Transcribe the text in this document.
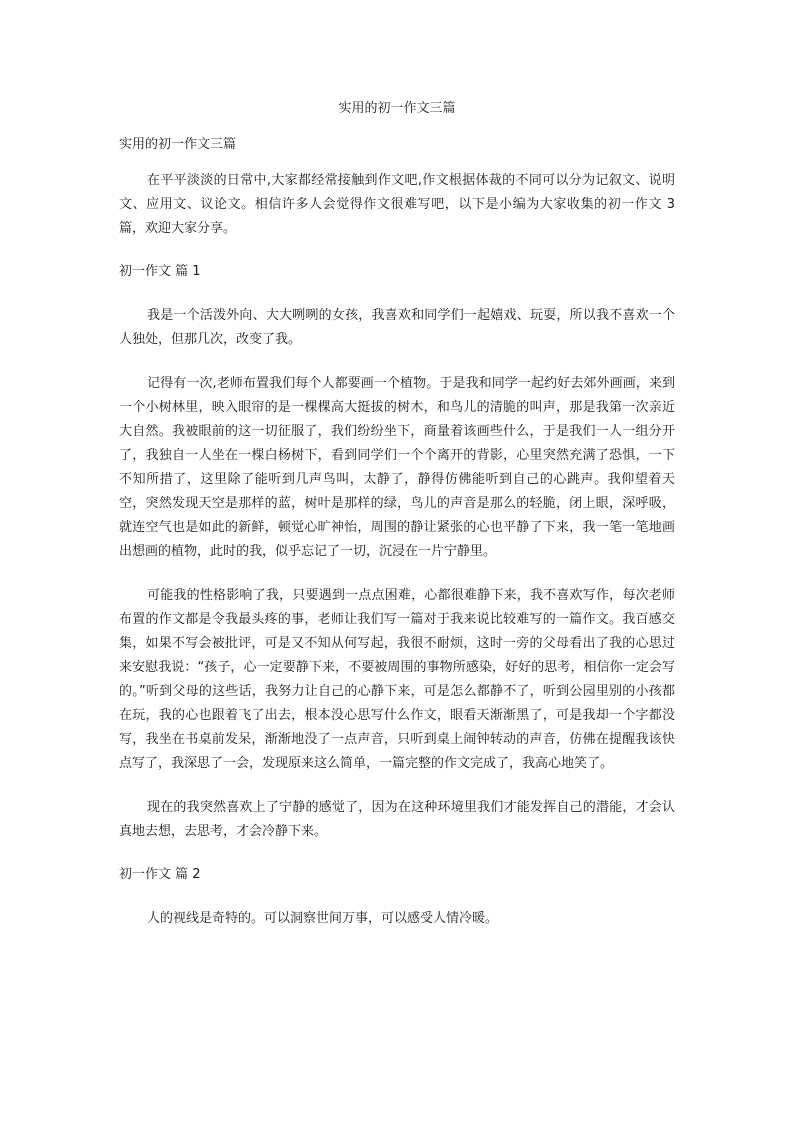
实用的初一作文三篇
实用的初一作文三篇

在平平淡淡的日常中,大家都经常接触到作文吧,作文根据体裁的不同可以分为记叙文、说明文、应用文、议论文。相信许多人会觉得作文很难写吧，以下是小编为大家收集的初一作文 3 篇，欢迎大家分享。

初一作文 篇 1

我是一个活泼外向、大大咧咧的女孩，我喜欢和同学们一起嬉戏、玩耍，所以我不喜欢一个人独处，但那几次，改变了我。

记得有一次,老师布置我们每个人都要画一个植物。于是我和同学一起约好去郊外画画，来到一个小树林里，映入眼帘的是一棵棵高大挺拔的树木，和鸟儿的清脆的叫声，那是我第一次亲近大自然。我被眼前的这一切征服了，我们纷纷坐下，商量着该画些什么，于是我们一人一组分开了，我独自一人坐在一棵白杨树下，看到同学们一个个离开的背影，心里突然充满了恐惧，一下不知所措了，这里除了能听到几声鸟叫，太静了，静得仿佛能听到自己的心跳声。我仰望着天空，突然发现天空是那样的蓝，树叶是那样的绿，鸟儿的声音是那么的轻脆，闭上眼，深呼吸，就连空气也是如此的新鲜，顿觉心旷神怡，周围的静让紧张的心也平静了下来，我一笔一笔地画出想画的植物，此时的我，似乎忘记了一切，沉浸在一片宁静里。

可能我的性格影响了我，只要遇到一点点困难，心都很难静下来，我不喜欢写作，每次老师布置的作文都是令我最头疼的事，老师让我们写一篇对于我来说比较难写的一篇作文。我百感交集，如果不写会被批评，可是又不知从何写起，我很不耐烦，这时一旁的父母看出了我的心思过来安慰我说：“孩子，心一定要静下来，不要被周围的事物所感染，好好的思考，相信你一定会写的。”听到父母的这些话，我努力让自己的心静下来，可是怎么都静不了，听到公园里别的小孩都在玩，我的心也跟着飞了出去，根本没心思写什么作文，眼看天渐渐黑了，可是我却一个字都没写，我坐在书桌前发呆，渐渐地没了一点声音，只听到桌上闹钟转动的声音，仿佛在提醒我该快点写了，我深思了一会，发现原来这么简单，一篇完整的作文完成了，我高心地笑了。

现在的我突然喜欢上了宁静的感觉了，因为在这种环境里我们才能发挥自己的潜能，才会认真地去想，去思考，才会冷静下来。

初一作文 篇 2

人的视线是奇特的。可以洞察世间万事，可以感受人情冷暖。
